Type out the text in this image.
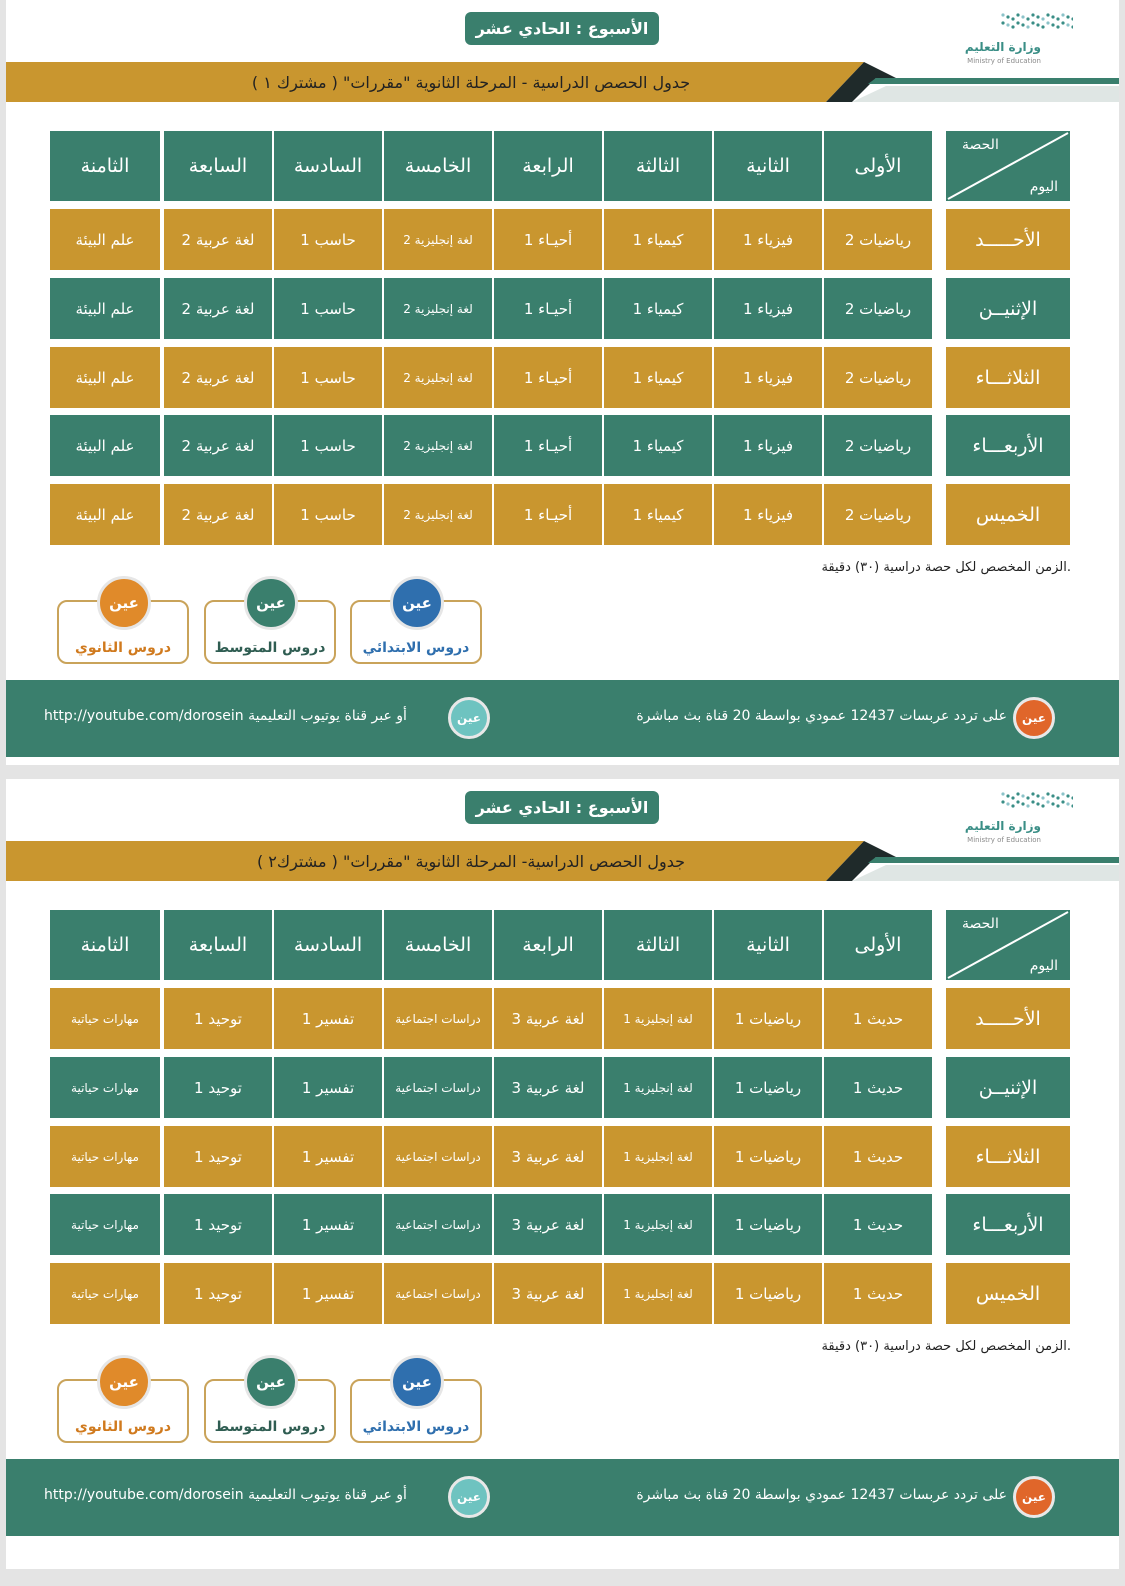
الأسبوع : الحادي عشر
وزارة التعليم
Ministry of Education
جدول الحصص الدراسية - المرحلة الثانوية "مقررات" ( مشترك ١ )
الحصة
اليوم
الأولى
الثانية
الثالثة
الرابعة
الخامسة
السادسة
السابعة
الثامنة
الأحـــــد
رياضيات 2
فيزياء 1
كيمياء 1
أحيـاء 1
لغة إنجليزية 2
حاسب 1
لغة عربية 2
علم البيئة
الإثنيــن
رياضيات 2
فيزياء 1
كيمياء 1
أحيـاء 1
لغة إنجليزية 2
حاسب 1
لغة عربية 2
علم البيئة
الثلاثـــاء
رياضيات 2
فيزياء 1
كيمياء 1
أحيـاء 1
لغة إنجليزية 2
حاسب 1
لغة عربية 2
علم البيئة
الأربعـــاء
رياضيات 2
فيزياء 1
كيمياء 1
أحيـاء 1
لغة إنجليزية 2
حاسب 1
لغة عربية 2
علم البيئة
الخميس
رياضيات 2
فيزياء 1
كيمياء 1
أحيـاء 1
لغة إنجليزية 2
حاسب 1
لغة عربية 2
علم البيئة
الزمن المخصص لكل حصة دراسية (٣٠) دقيقة.
عين
دروس الابتدائي
عين
دروس المتوسط
عين
دروس الثانوي
على تردد عربسات 12437 عمودي بواسطة 20 قناة بث مباشرة
http://youtube.com/dorosein أو عبر قناة يوتيوب التعليمية	عين
عين
الأسبوع : الحادي عشر
وزارة التعليم
Ministry of Education
جدول الحصص الدراسية- المرحلة الثانوية "مقررات" ( مشترك٢ )
الحصة
اليوم
الأولى
الثانية
الثالثة
الرابعة
الخامسة
السادسة
السابعة
الثامنة
الأحـــــد
حديث 1
رياضيات 1
لغة إنجليزية 1
لغة عربية 3
دراسات اجتماعية
تفسير 1
توحيد 1
مهارات حياتية
الإثنيــن
حديث 1
رياضيات 1
لغة إنجليزية 1
لغة عربية 3
دراسات اجتماعية
تفسير 1
توحيد 1
مهارات حياتية
الثلاثـــاء
حديث 1
رياضيات 1
لغة إنجليزية 1
لغة عربية 3
دراسات اجتماعية
تفسير 1
توحيد 1
مهارات حياتية
الأربعـــاء
حديث 1
رياضيات 1
لغة إنجليزية 1
لغة عربية 3
دراسات اجتماعية
تفسير 1
توحيد 1
مهارات حياتية
الخميس
حديث 1
رياضيات 1
لغة إنجليزية 1
لغة عربية 3
دراسات اجتماعية
تفسير 1
توحيد 1
مهارات حياتية
الزمن المخصص لكل حصة دراسية (٣٠) دقيقة.
عين
دروس الابتدائي
عين
دروس المتوسط
عين
دروس الثانوي
على تردد عربسات 12437 عمودي بواسطة 20 قناة بث مباشرة
http://youtube.com/dorosein أو عبر قناة يوتيوب التعليمية	عين
عين
